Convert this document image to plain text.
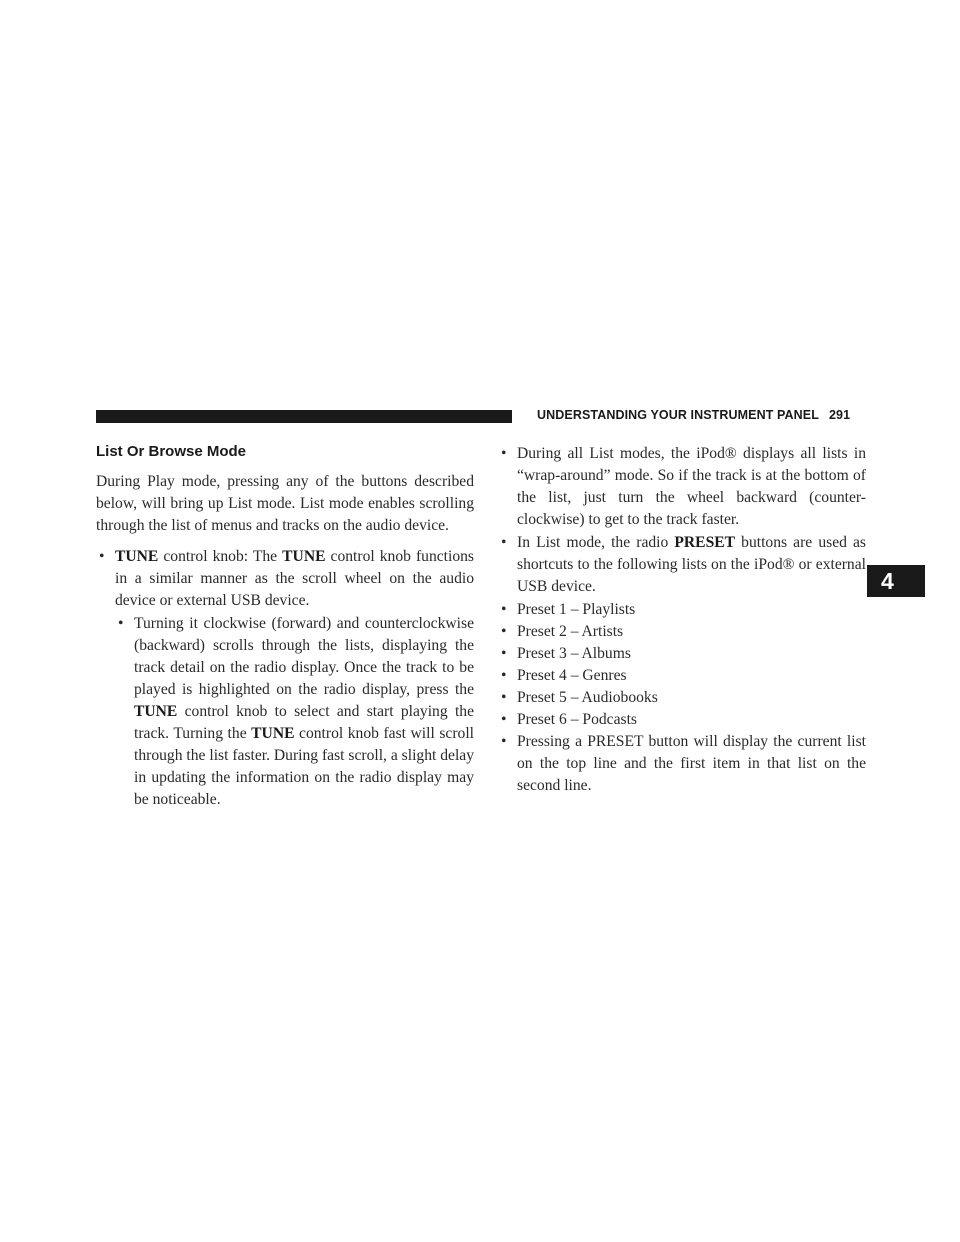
UNDERSTANDING YOUR INSTRUMENT PANEL 291
4
List Or Browse Mode

During Play mode, pressing any of the buttons described below, will bring up List mode. List mode enables scrolling through the list of menus and tracks on the audio device.

• TUNE control knob: The TUNE control knob functions in a similar manner as the scroll wheel on the audio device or external USB device.
• Turning it clockwise (forward) and counterclockwise (backward) scrolls through the lists, displaying the track detail on the radio display. Once the track to be played is highlighted on the radio display, press the TUNE control knob to select and start playing the track. Turning the TUNE control knob fast will scroll through the list faster. During fast scroll, a slight delay in updating the information on the radio display may be noticeable.
• During all List modes, the iPod® displays all lists in “wrap-around” mode. So if the track is at the bottom of the list, just turn the wheel backward (counter-clockwise) to get to the track faster.
• In List mode, the radio PRESET buttons are used as shortcuts to the following lists on the iPod® or external USB device.
• Preset 1 – Playlists
• Preset 2 – Artists
• Preset 3 – Albums
• Preset 4 – Genres
• Preset 5 – Audiobooks
• Preset 6 – Podcasts
• Pressing a PRESET button will display the current list on the top line and the first item in that list on the second line.
